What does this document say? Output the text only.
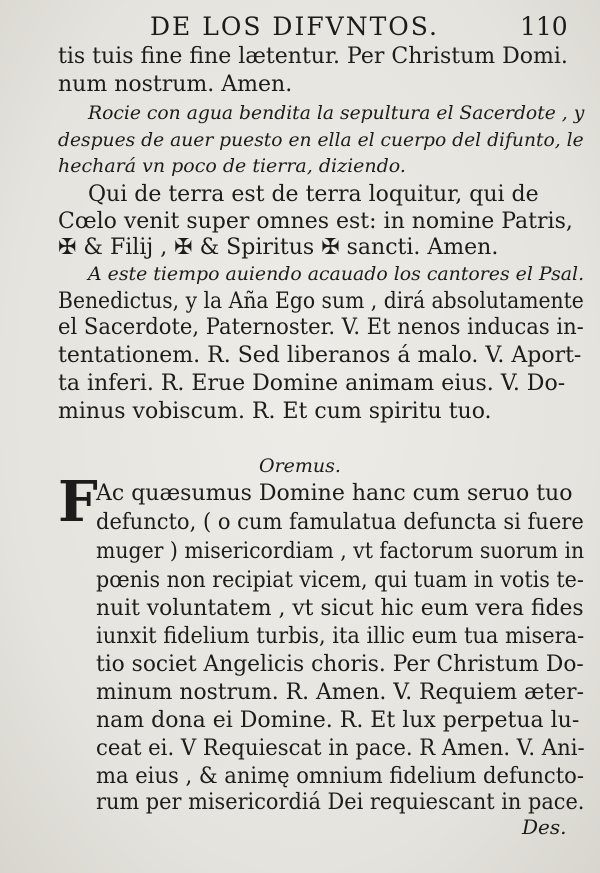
DE LOS DIFVNTOS.	110
tis tuis fine fine lætentur. Per Christum Domi.
num nostrum. Amen.
Rocie con agua bendita la sepultura el Sacerdote , y
despues de auer puesto en ella el cuerpo del difunto, le
hechará vn poco de tierra, diziendo.
Qui de terra est de terra loquitur, qui de
Cœlo venit super omnes est: in nomine Patris,
✠ & Filij , ✠ & Spiritus ✠ sancti. Amen.
A este tiempo auiendo acauado los cantores el Psal.
Benedictus, y la Aña Ego sum , dirá absolutamente
el Sacerdote, Paternoster. V. Et nenos inducas in-
tentationem. R. Sed liberanos á malo. V. Aport-
ta inferi. R. Erue Domine animam eius. V. Do-
minus vobiscum. R. Et cum spiritu tuo.
Oremus.
F
Ac quæsumus Domine hanc cum seruo tuo
defuncto, ( o cum famulatua defuncta si fuere
muger ) misericordiam , vt factorum suorum in
pœnis non recipiat vicem, qui tuam in votis te-
nuit voluntatem , vt sicut hic eum vera fides
iunxit fidelium turbis, ita illic eum tua misera-
tio societ Angelicis choris. Per Christum Do-
minum nostrum. R. Amen. V. Requiem æter-
nam dona ei Domine. R. Et lux perpetua lu-
ceat ei. V Requiescat in pace. R Amen. V. Ani-
ma eius , & animę omnium fidelium defuncto-
rum per misericordiá Dei requiescant in pace.
Des.
